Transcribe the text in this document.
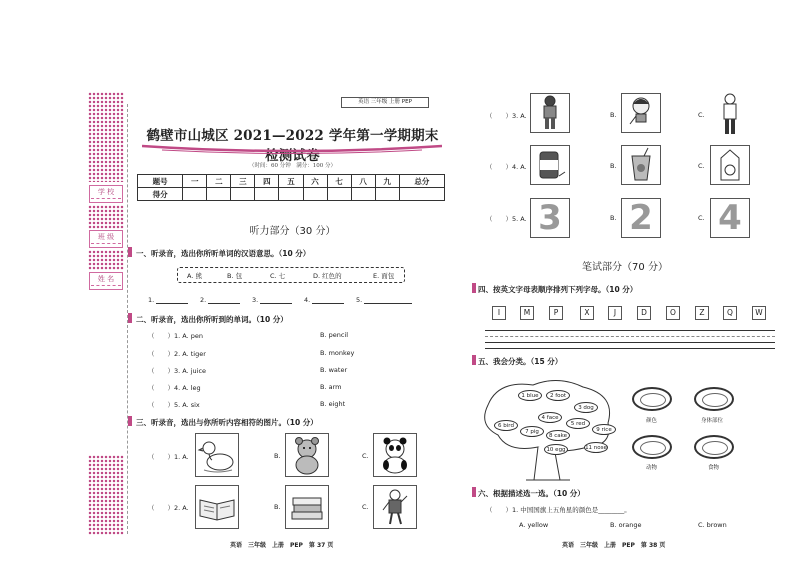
学 校
班 级
姓 名
英语 三年级 上册 PEP
鹤壁市山城区 2021—2022 学年第一学期期末检测试卷
（时间：60 分钟　满分：100 分）
题号	一	二	三	四	五	六	七	八	九	总分
得分										
听力部分（30 分）
一、听录音，选出你所听单词的汉语意思。（10 分）
A. 熊	B. 包	C. 七	D. 红色的	E. 面包
1.	2.	3.	4.	5.
二、听录音，选出你所听到的单词。（10 分）
（　　）1. A. pen	B. pencil
（　　）2. A. tiger	B. monkey
（　　）3. A. juice	B. water
（　　）4. A. leg	B. arm
（　　）5. A. six	B. eight
三、听录音，选出与你所听内容相符的图片。（10 分）
（　　）1. A.	B.	C.
（　　）2. A.	B.	C.
英语　三年级　上册　PEP　第 37 页
（　　）3. A.	B.	C.
（　　）4. A.	B.	C.
（　　）5. A. 3	B. 2	C. 4
笔试部分（70 分）
四、按英文字母表顺序排列下列字母。（10 分）
I	M	P	X	J	D	O	Z	Q	W
五、我会分类。（15 分）
1 blue	2 foot
3 dog
4 face
5 red
6 bird
7 pig
8 cake
9 rice
10 egg	11 nose
颜色	身体部位
动物	食物
六、根据描述选一选。（10 分）
（　　）1. 中国国旗上五角星的颜色是________。
A. yellow	B. orange	C. brown
英语　三年级　上册　PEP　第 38 页
